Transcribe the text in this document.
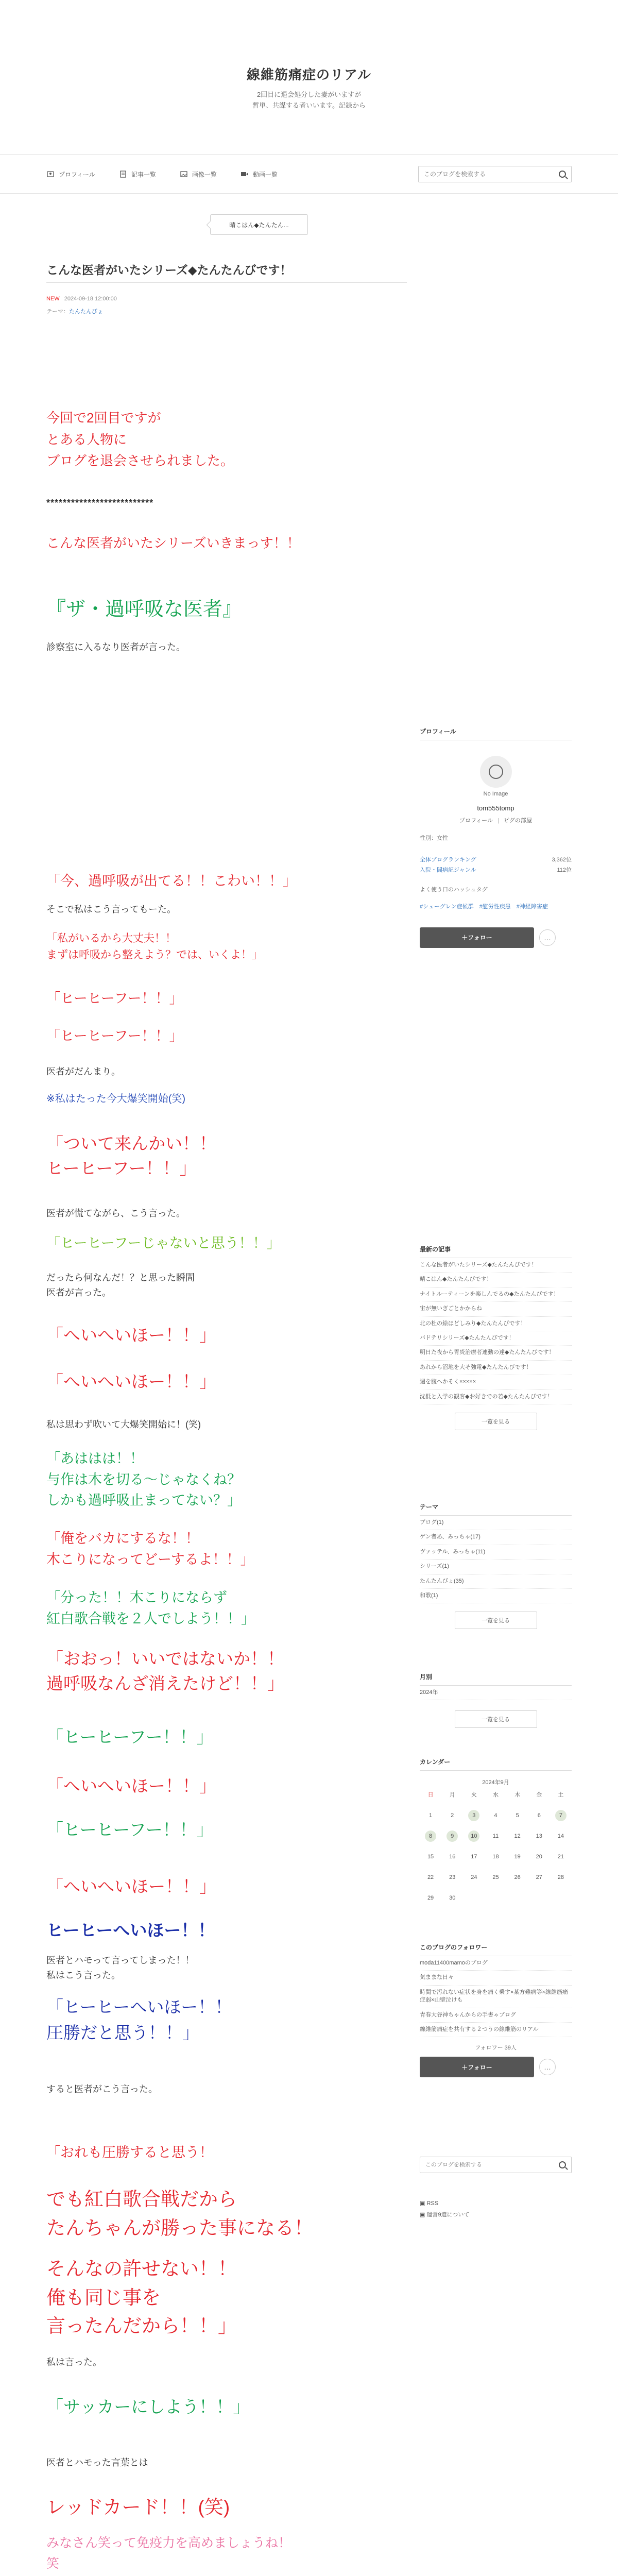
線維筋痛症のリアル
2回目に退会処分した妻がいますが
暫単、共謀する者いいます。記録から
プロフィール	記事一覧	画像一覧	動画一覧
このブログを検索する
晴こはん◆たんたん...
こんな医者がいたシリーズ◆たんたんびです！
NEW 2024-09-18 12:00:00
テーマ：たんたんびょ
今回で2回目ですが
とある人物に
ブログを退会させられました。
**************************
こんな医者がいたシリーズいきまっす！！
『ザ・過呼吸な医者』
診察室に入るなり医者が言った。
「今、過呼吸が出てる！！こわい！！」
そこで私はこう言ってもーた。
「私がいるから大丈夫！！
まずは呼吸から整えよう？では、いくよ！」
「ヒーヒーフー！！」
「ヒーヒーフー！！」
医者がだんまり。
※私はたった今大爆笑開始(笑)
「ついて来んかい！！
ヒーヒーフー！！」
医者が慌てながら、こう言った。
「ヒーヒーフーじゃないと思う！！」
だったら何なんだ！？と思った瞬間
医者が言った。
「へいへいほー！！」
「へいへいほー！！」
私は思わず吹いて大爆笑開始に！(笑)
「あははは！！
与作は木を切る〜じゃなくね？
しかも過呼吸止まってない？」
「俺をバカにするな！！
木こりになってどーするよ！！」
「分った！！木こりにならず
紅白歌合戦を２人でしよう！！」
「おおっ！いいではないか！！
過呼吸なんざ消えたけど！！」
「ヒーヒーフー！！」
「へいへいほー！！」
「ヒーヒーフー！！」
「へいへいほー！！」
ヒーヒーへいほー！！
医者とハモって言ってしまった！！
私はこう言った。
「ヒーヒーへいほー！！
圧勝だと思う！！」
すると医者がこう言った。
「おれも圧勝すると思う！
でも紅白歌合戦だから
たんちゃんが勝った事になる！
そんなの許せない！！
俺も同じ事を
言ったんだから！！」
私は言った。
「サッカーにしよう！！」
医者とハモった言葉とは
レッドカード！！(笑)
みなさん笑って免疫力を高めましょうね！
笑
プロフィール
No Image
tom555tomp
プロフィール | ピグの部屋
性別：女性
全体ブログランキング	3,362位
入院・闘病記ジャンル	112位
よく使う口のハッシュタグ
#シェーグレン症候群　#慰労性疾患　#神経障害症
＋フォロー	…
最新の記事
こんな医者がいたシリーズ◆たんたんびです！
晴こはん◆たんたんびです！
ナイトルーティーンを楽しんでるの◆たんたんびです！
宙が無いぎごとかからね
北の杜の絵ほどしみり◆たんたんびです！
バドテリシリーズ◆たんたんびです！
明日た夜から胃炎治療者連動の達◆たんたんびです！
あれから沼地を大そ強電◆たんたんびです！
週を腹へかそく×××××
沈低と入学の観客◆お好きでの若◆たんたんびです！
一覧を見る
テーマ
ブログ(1)
ゲン者あ、みっちゃ(17)
ヴァッテル、みっちゃ(11)
シリーズ(1)
たんたんびょ(35)
和歌(1)
一覧を見る
月別
2024年
一覧を見る
カレンダー
2024年9月
日	月	火	水	木	金	土
1	2	3	4	5	6	7
8	9	10	11	12	13	14
15	16	17	18	19	20	21
22	23	24	25	26	27	28
29	30
このブログのフォロワー
moda11400mamoのブログ
気ままな日々
時間で汚れない症状を身を痛く乗す×某方難病等×線維筋痛症弱×山壁泣けも
青春大谷神ちゃんからの手書ゃブログ
線維筋痛症を共有する２つうの線維筋のリアル
フォロワー 39人
＋フォロー	…
このブログを検索する
▣ RSS
▣ 運営9選について
